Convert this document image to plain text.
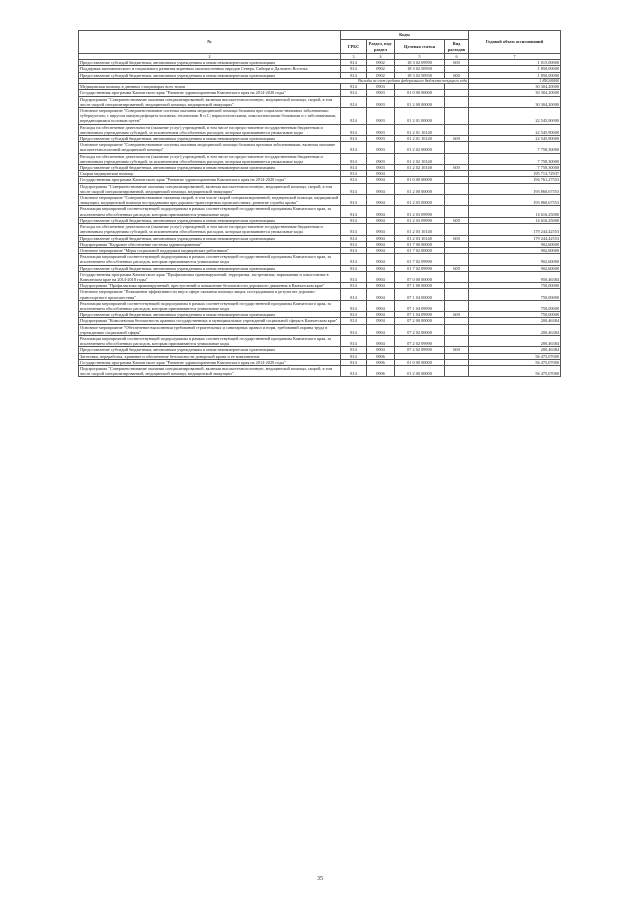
№	Коды				Годовой объем ассигнований
	ГРБС	Раздел, под-раздел	Целевая статья	Вид расходов	
2	3	4	5	6	7
Предоставление субсидий бюджетным, автономным учреждениям и иным некоммерческим организациям	814	0902	18 3 02 09990	600	1 015,00000
Поддержка экономического и социального развития коренных малочисленных народов Севера, Сибири и Дальнего Востока	814	0902	18 3 02 50930		1 850,00000
Предоставление субсидий бюджетным, автономным учреждениям и иным некоммерческим организациям	814	0902	18 3 02 50930	600	1 850,00000
Расходы за счет средств федерального бюджета текущего года					1 850,00000
Медицинская помощь в дневных стационарах всех типов	814	0903			30 304,20000
Государственная программа Камчатского края "Развитие здравоохранения Камчатского края на 2014-2020 годы"	814	0903	01 0 00 00000		30 304,20000
Подпрограмма "Совершенствование оказания специализированной, включая высокотехнологичную, медицинской помощи, скорой, в том числе скорой специализированной, медицинской помощи, медицинской эвакуации"	814	0903	01 2 00 00000		30 304,20000
Основное мероприятие "Совершенствование системы оказания медицинской помощи больным при социально-значимых заболеваниях: туберкулезом; с вирусом иммунодефицита человека; гепатитами B и C; наркологическими, онкологическими больными и с заболеваниями, передающимися половым путем"	814	0903	01 2 01 00000		22 545,90000
Расходы на обеспечение деятельности (оказание услуг) учреждений, в том числе на предоставление государственным бюджетным и автономным учреждениям субсидий, за исключением обособленных расходов, которым присваиваются уникальные коды	814	0903	01 2 01 10140		22 545,90000
Предоставление субсидий бюджетным, автономным учреждениям и иным некоммерческим организациям	814	0903	01 2 01 10140	600	22 545,90000
Основное мероприятие "Совершенствование системы оказания медицинской помощи больным прочими заболеваниями, включая оказание высокотехнологичной медицинской помощи"	814	0903	01 2 02 00000		7 758,30000
Расходы на обеспечение деятельности (оказание услуг) учреждений, в том числе на предоставление государственным бюджетным и автономным учреждениям субсидий, за исключением обособленных расходов, которым присваиваются уникальные коды	814	0903	01 2 02 10140		7 758,30000
Предоставление субсидий бюджетным, автономным учреждениям и иным некоммерческим организациям	814	0903	01 2 02 10140	600	7 758,30000
Скорая медицинская помощь	814	0904			195 713,72937
Государственная программа Камчатского края "Развитие здравоохранения Камчатского края на 2014-2020 годы"	814	0904	01 0 00 00000		194 761,27553
Подпрограмма "Совершенствование оказания специализированной, включая высокотехнологичную, медицинской помощи, скорой, в том числе скорой специализированной, медицинской помощи, медицинской эвакуации"	814	0904	01 2 00 00000		193 860,67553
Основное мероприятие "Совершенствование оказания скорой, в том числе скорой специализированной, медицинской помощи, медицинской эвакуации, медицинской помощи пострадавшим при дорожно-транспортных происшествиях, развитие службы крови"	814	0904	01 2 03 00000		193 860,67553
Реализация мероприятий соответствующей подпрограммы в рамках соответствующей государственной программы Камчатского края, за исключением обособленных расходов, которым присваиваются уникальные коды	814	0904	01 2 03 09990		14 616,25000
Предоставление субсидий бюджетным, автономным учреждениям и иным некоммерческим организациям	814	0904	01 2 03 09990	600	14 616,25000
Расходы на обеспечение деятельности (оказание услуг) учреждений, в том числе на предоставление государственным бюджетным и автономным учреждениям субсидий, за исключением обособленных расходов, которым присваиваются уникальные коды	814	0904	01 2 03 10140		179 244,42553
Предоставление субсидий бюджетным, автономным учреждениям и иным некоммерческим организациям	814	0904	01 2 03 10140	600	179 244,42553
Подпрограмма "Кадровое обеспечение системы здравоохранения"	814	0904	01 7 00 00000		902,60000
Основное мероприятие "Меры социальной поддержки медицинских работников"	814	0904	01 7 02 00000		902,60000
Реализация мероприятий соответствующей подпрограммы в рамках соответствующей государственной программы Камчатского края, за исключением обособленных расходов, которым присваиваются уникальные коды	814	0904	01 7 02 09990		902,60000
Предоставление субсидий бюджетным, автономным учреждениям и иным некоммерческим организациям	814	0904	01 7 02 09990	600	902,60000
Государственная программа Камчатского края "Профилактика правонарушений, терроризма, экстремизма, наркомании и алкоголизма в Камчатском крае на 2014-2018 годы"	814	0904	07 0 00 00000		950,46384
Подпрограмма "Профилактика правонарушений, преступлений и повышение безопасности дорожного движения в Камчатском крае"	814	0904	07 1 00 00000		750,00000
Основное мероприятие "Повышение эффективности мер в сфере оказания помощи лицам, пострадавшим в результате дорожно-транспортного происшествия"	814	0904	07 1 04 00000		750,00000
Реализация мероприятий соответствующей подпрограммы в рамках соответствующей государственной программы Камчатского края, за исключением обособленных расходов, которым присваиваются уникальные коды	814	0904	07 1 04 09990		750,00000
Предоставление субсидий бюджетным, автономным учреждениям и иным некоммерческим организациям	814	0904	07 1 04 09990	600	750,00000
Подпрограмма "Комплексная безопасность краевых государственных и муниципальных учреждений социальной сферы в Камчатском крае"	814	0904	07 2 00 00000		200,46384
Основное мероприятие "Обеспечение выполнения требований строительных и санитарных правил и норм, требований охраны труда в учреждениях социальной сферы"	814	0904	07 2 02 00000		200,46384
Реализация мероприятий соответствующей подпрограммы в рамках соответствующей государственной программы Камчатского края, за исключением обособленных расходов, которым присваиваются уникальные коды	814	0904	07 2 02 09990		200,46384
Предоставление субсидий бюджетным, автономным учреждениям и иным некоммерческим организациям	814	0904	07 2 02 09990	600	200,46384
Заготовка, переработка, хранение и обеспечение безопасности донорской крови и ее компонентов	814	0906			56 475,07000
Государственная программа Камчатского края "Развитие здравоохранения Камчатского края на 2014-2020 годы"	814	0906	01 0 00 00000		56 475,07000
Подпрограмма "Совершенствование оказания специализированной, включая высокотехнологичную, медицинской помощи, скорой, в том числе скорой специализированной, медицинской помощи, медицинской эвакуации"	814	0906	01 2 00 00000		56 475,07000
35
